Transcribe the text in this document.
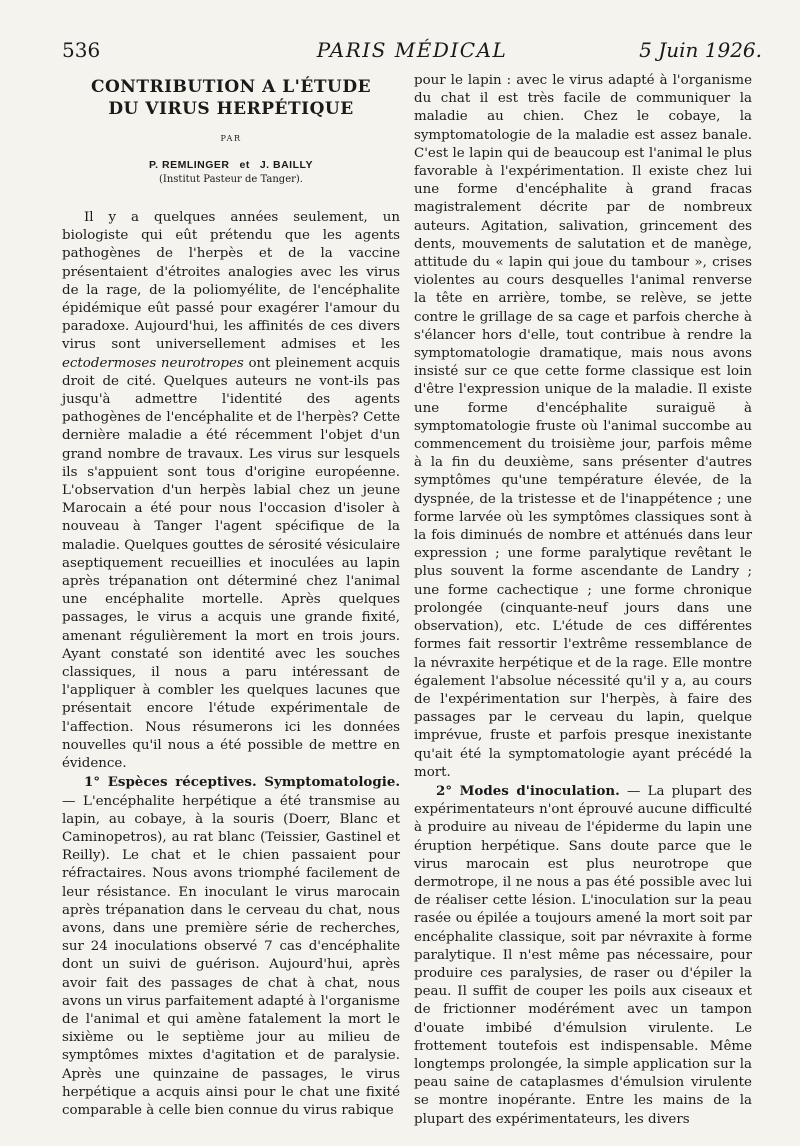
536	PARIS MÉDICAL	5 Juin 1926.
CONTRIBUTION A L'ÉTUDE
DU VIRUS HERPÉTIQUE

PAR

P. REMLINGER et J. BAILLY

(Institut Pasteur de Tanger).

Il y a quelques années seulement, un biologiste qui eût prétendu que les agents pathogènes de l'herpès et de la vaccine présentaient d'étroites analogies avec les virus de la rage, de la poliomyélite, de l'encéphalite épidémique eût passé pour exagérer l'amour du paradoxe. Aujourd'hui, les affinités de ces divers virus sont universellement admises et les ectodermoses neurotropes ont pleinement acquis droit de cité. Quelques auteurs ne vont-ils pas jusqu'à admettre l'identité des agents pathogènes de l'encéphalite et de l'herpès? Cette dernière maladie a été récemment l'objet d'un grand nombre de travaux. Les virus sur lesquels ils s'appuient sont tous d'origine européenne. L'observation d'un herpès labial chez un jeune Marocain a été pour nous l'occasion d'isoler à nouveau à Tanger l'agent spécifique de la maladie. Quelques gouttes de sérosité vésiculaire aseptiquement recueillies et inoculées au lapin après trépanation ont déterminé chez l'animal une encéphalite mortelle. Après quelques passages, le virus a acquis une grande fixité, amenant régulièrement la mort en trois jours. Ayant constaté son identité avec les souches classiques, il nous a paru intéressant de l'appliquer à combler les quelques lacunes que présentait encore l'étude expérimentale de l'affection. Nous résumerons ici les données nouvelles qu'il nous a été possible de mettre en évidence.

1° Espèces réceptives. Symptomatologie. — L'encéphalite herpétique a été transmise au lapin, au cobaye, à la souris (Doerr, Blanc et Caminopetros), au rat blanc (Teissier, Gastinel et Reilly). Le chat et le chien passaient pour réfractaires. Nous avons triomphé facilement de leur résistance. En inoculant le virus marocain après trépanation dans le cerveau du chat, nous avons, dans une première série de recherches, sur 24 inoculations observé 7 cas d'encéphalite dont un suivi de guérison. Aujourd'hui, après avoir fait des passages de chat à chat, nous avons un virus parfaitement adapté à l'organisme de l'animal et qui amène fatalement la mort le sixième ou le septième jour au milieu de symptômes mixtes d'agitation et de paralysie. Après une quinzaine de passages, le virus herpétique a acquis ainsi pour le chat une fixité comparable à celle bien connue du virus rabique

pour le lapin : avec le virus adapté à l'organisme du chat il est très facile de communiquer la maladie au chien. Chez le cobaye, la symptomatologie de la maladie est assez banale. C'est le lapin qui de beaucoup est l'animal le plus favorable à l'expérimentation. Il existe chez lui une forme d'encéphalite à grand fracas magistralement décrite par de nombreux auteurs. Agitation, salivation, grincement des dents, mouvements de salutation et de manège, attitude du « lapin qui joue du tambour », crises violentes au cours desquelles l'animal renverse la tête en arrière, tombe, se relève, se jette contre le grillage de sa cage et parfois cherche à s'élancer hors d'elle, tout contribue à rendre la symptomatologie dramatique, mais nous avons insisté sur ce que cette forme classique est loin d'être l'expression unique de la maladie. Il existe une forme d'encéphalite suraiguë à symptomatologie fruste où l'animal succombe au commencement du troisième jour, parfois même à la fin du deuxième, sans présenter d'autres symptômes qu'une température élevée, de la dyspnée, de la tristesse et de l'inappétence ; une forme larvée où les symptômes classiques sont à la fois diminués de nombre et atténués dans leur expression ; une forme paralytique revêtant le plus souvent la forme ascendante de Landry ; une forme cachectique ; une forme chronique prolongée (cinquante-neuf jours dans une observation), etc. L'étude de ces différentes formes fait ressortir l'extrême ressemblance de la névraxite herpétique et de la rage. Elle montre également l'absolue nécessité qu'il y a, au cours de l'expérimentation sur l'herpès, à faire des passages par le cerveau du lapin, quelque imprévue, fruste et parfois presque inexistante qu'ait été la symptomatologie ayant précédé la mort.

2° Modes d'inoculation. — La plupart des expérimentateurs n'ont éprouvé aucune difficulté à produire au niveau de l'épiderme du lapin une éruption herpétique. Sans doute parce que le virus marocain est plus neurotrope que dermotrope, il ne nous a pas été possible avec lui de réaliser cette lésion. L'inoculation sur la peau rasée ou épilée a toujours amené la mort soit par encéphalite classique, soit par névraxite à forme paralytique. Il n'est même pas nécessaire, pour produire ces paralysies, de raser ou d'épiler la peau. Il suffit de couper les poils aux ciseaux et de frictionner modérément avec un tampon d'ouate imbibé d'émulsion virulente. Le frottement toutefois est indispensable. Même longtemps prolongée, la simple application sur la peau saine de cataplasmes d'émulsion virulente se montre inopérante. Entre les mains de la plupart des expérimentateurs, les divers
